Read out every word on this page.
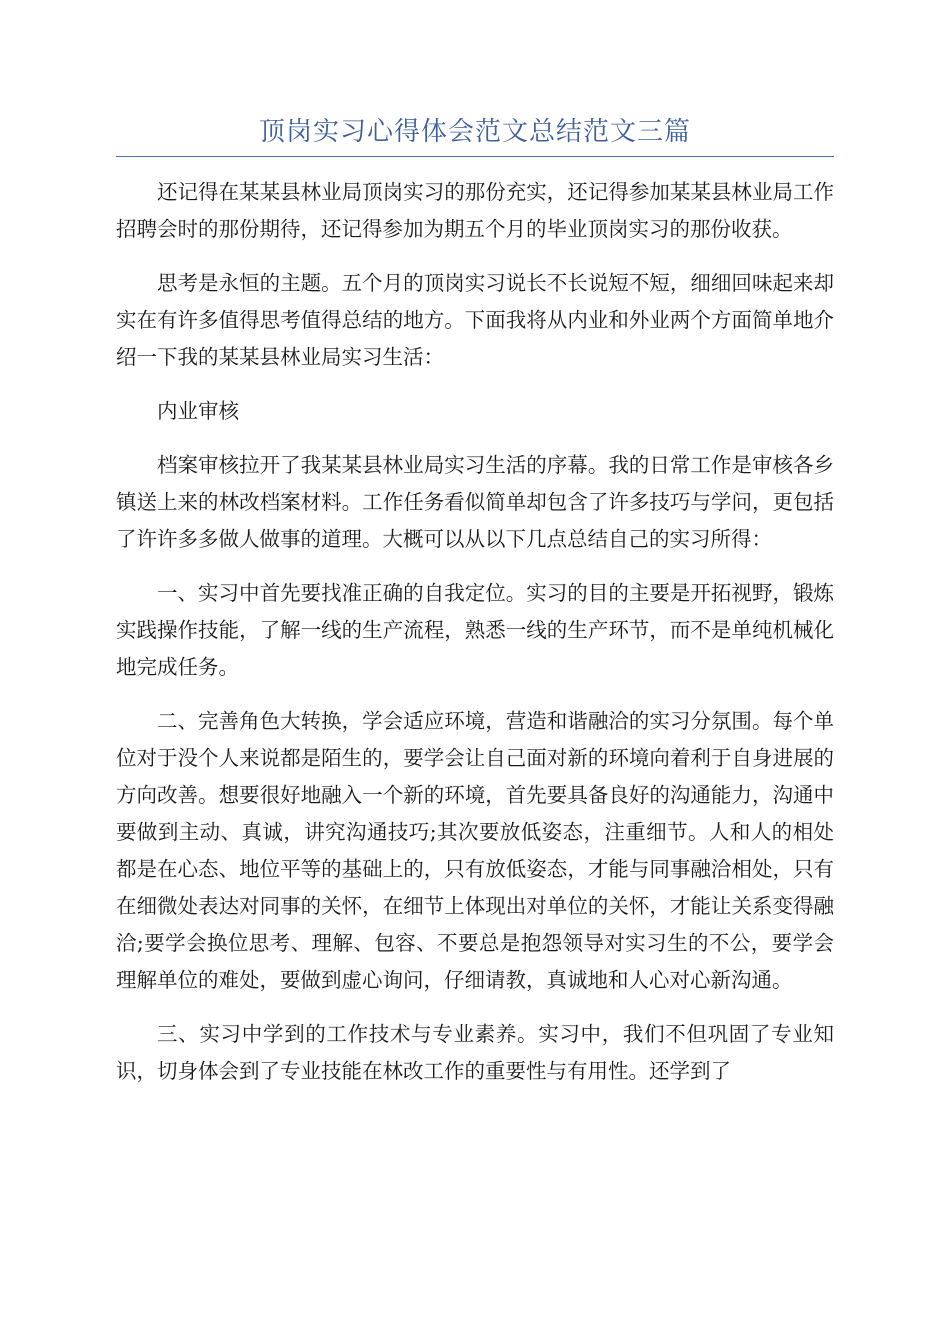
顶岗实习心得体会范文总结范文三篇

还记得在某某县林业局顶岗实习的那份充实，还记得参加某某县林业局工作招聘会时的那份期待，还记得参加为期五个月的毕业顶岗实习的那份收获。

思考是永恒的主题。五个月的顶岗实习说长不长说短不短，细细回味起来却实在有许多值得思考值得总结的地方。下面我将从内业和外业两个方面简单地介绍一下我的某某县林业局实习生活：

内业审核

档案审核拉开了我某某县林业局实习生活的序幕。我的日常工作是审核各乡镇送上来的林改档案材料。工作任务看似简单却包含了许多技巧与学问，更包括了许许多多做人做事的道理。大概可以从以下几点总结自己的实习所得：

一、实习中首先要找准正确的自我定位。实习的目的主要是开拓视野，锻炼实践操作技能，了解一线的生产流程，熟悉一线的生产环节，而不是单纯机械化地完成任务。

二、完善角色大转换，学会适应环境，营造和谐融洽的实习分氛围。每个单位对于没个人来说都是陌生的，要学会让自己面对新的环境向着利于自身进展的方向改善。想要很好地融入一个新的环境，首先要具备良好的沟通能力，沟通中要做到主动、真诚，讲究沟通技巧;其次要放低姿态，注重细节。人和人的相处都是在心态、地位平等的基础上的，只有放低姿态，才能与同事融洽相处，只有在细微处表达对同事的关怀，在细节上体现出对单位的关怀，才能让关系变得融洽;要学会换位思考、理解、包容、不要总是抱怨领导对实习生的不公，要学会理解单位的难处，要做到虚心询问，仔细请教，真诚地和人心对心新沟通。

三、实习中学到的工作技术与专业素养。实习中，我们不但巩固了专业知识，切身体会到了专业技能在林改工作的重要性与有用性。还学到了
